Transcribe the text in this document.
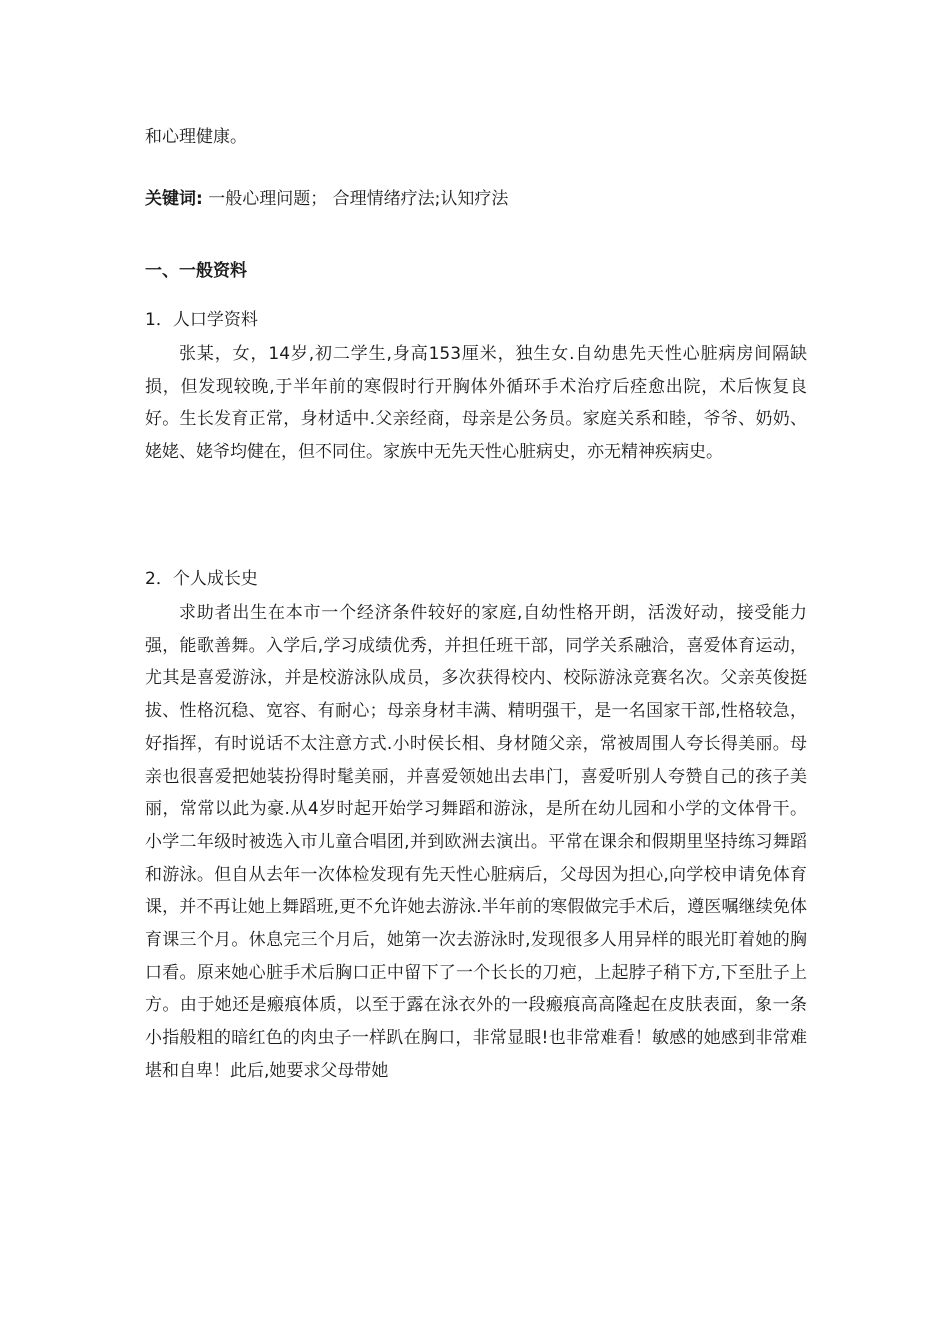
和心理健康。

关键词: 一般心理问题； 合理情绪疗法;认知疗法

一、一般资料

1．人口学资料

张某，女，14岁,初二学生,身高153厘米，独生女.自幼患先天性心脏病房间隔缺损，但发现较晚,于半年前的寒假时行开胸体外循环手术治疗后痊愈出院，术后恢复良好。生长发育正常，身材适中.父亲经商，母亲是公务员。家庭关系和睦，爷爷、奶奶、姥姥、姥爷均健在，但不同住。家族中无先天性心脏病史，亦无精神疾病史。

2．个人成长史

求助者出生在本市一个经济条件较好的家庭,自幼性格开朗，活泼好动，接受能力强，能歌善舞。入学后,学习成绩优秀，并担任班干部，同学关系融洽，喜爱体育运动，尤其是喜爱游泳，并是校游泳队成员，多次获得校内、校际游泳竞赛名次。父亲英俊挺拔、性格沉稳、宽容、有耐心；母亲身材丰满、精明强干，是一名国家干部,性格较急，好指挥，有时说话不太注意方式.小时侯长相、身材随父亲，常被周围人夸长得美丽。母亲也很喜爱把她装扮得时髦美丽，并喜爱领她出去串门，喜爱听别人夸赞自己的孩子美丽，常常以此为豪.从4岁时起开始学习舞蹈和游泳，是所在幼儿园和小学的文体骨干。小学二年级时被选入市儿童合唱团,并到欧洲去演出。平常在课余和假期里坚持练习舞蹈和游泳。但自从去年一次体检发现有先天性心脏病后，父母因为担心,向学校申请免体育课，并不再让她上舞蹈班,更不允许她去游泳.半年前的寒假做完手术后，遵医嘱继续免体育课三个月。休息完三个月后，她第一次去游泳时,发现很多人用异样的眼光盯着她的胸口看。原来她心脏手术后胸口正中留下了一个长长的刀疤，上起脖子稍下方,下至肚子上方。由于她还是瘢痕体质，以至于露在泳衣外的一段瘢痕高高隆起在皮肤表面，象一条小指般粗的暗红色的肉虫子一样趴在胸口，非常显眼!也非常难看！敏感的她感到非常难堪和自卑！此后,她要求父母带她
